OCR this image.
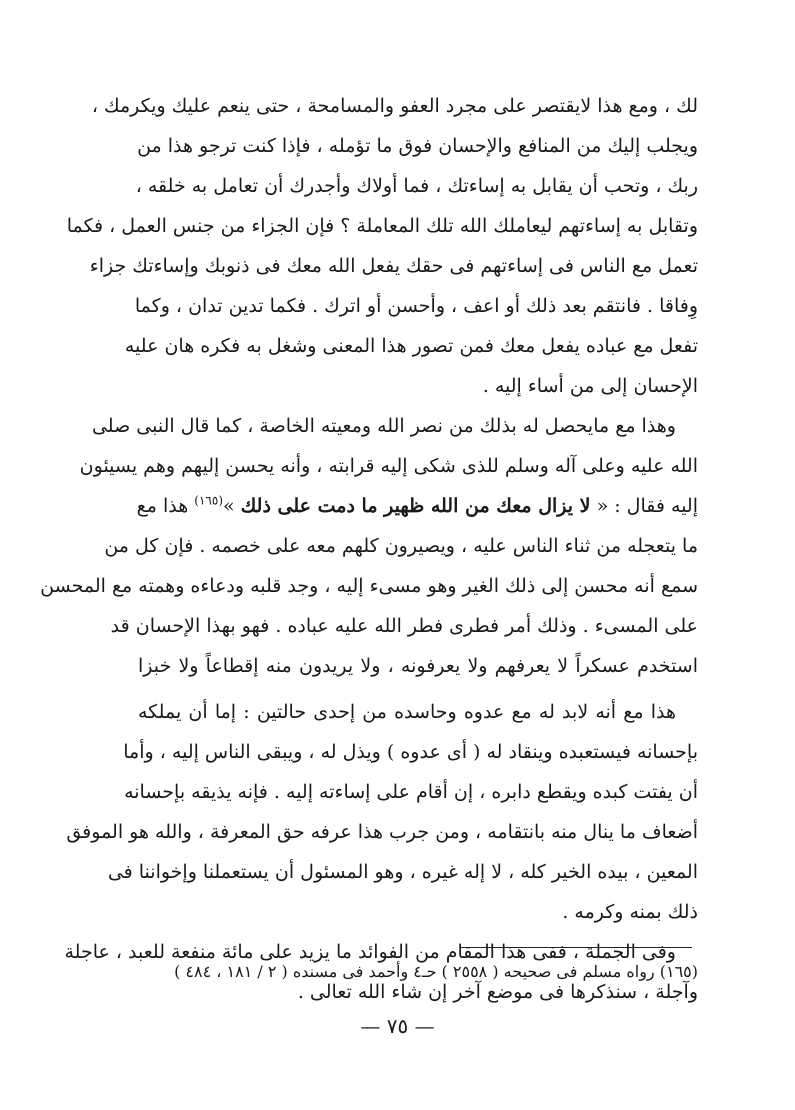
لك ، ومع هذا لايقتصر على مجرد العفو والمسامحة ، حتى ينعم عليك ويكرمك ،
ويجلب إليك من المنافع والإحسان فوق ما تؤمله ، فإذا كنت ترجو هذا من
ربك ، وتحب أن يقابل به إساءتك ، فما أولاك وأجدرك أن تعامل به خلقه ،
وتقابل به إساءتهم ليعاملك الله تلك المعاملة ؟ فإن الجزاء من جنس العمل ، فكما
تعمل مع الناس فى إساءتهم فى حقك يفعل الله معك فى ذنوبك وإساءتك جزاء
وِفاقا . فانتقم بعد ذلك أو اعف ، وأحسن أو اترك . فكما تدين تدان ، وكما
تفعل مع عباده يفعل معك فمن تصور هذا المعنى وشغل به فكره هان عليه
الإحسان إلى من أساء إليه .
وهذا مع مايحصل له بذلك من نصر الله ومعيته الخاصة ، كما قال النبى صلى
الله عليه وعلى آله وسلم للذى شكى إليه قرابته ، وأنه يحسن إليهم وهم يسيئون
إليه فقال : « لا يزال معك من الله ظهير ما دمت على ذلك »$^{(١٦٥)}$ هذا مع
ما يتعجله من ثناء الناس عليه ، ويصيرون كلهم معه على خصمه . فإن كل من
سمع أنه محسن إلى ذلك الغير وهو مسىء إليه ، وجد قلبه ودعاءه وهمته مع المحسن
على المسىء . وذلك أمر فطرى فطر الله عليه عباده . فهو بهذا الإحسان قد
استخدم عسكراً لا يعرفهم ولا يعرفونه ، ولا يريدون منه إقطاعاً ولا خبزا
هذا مع أنه لابد له مع عدوه وحاسده من إحدى حالتين : إما أن يملكه
بإحسانه فيستعبده وينقاد له ( أى عدوه ) ويذل له ، ويبقى الناس إليه ، وأما
أن يفتت كبده ويقطع دابره ، إن أقام على إساءته إليه . فإنه يذيقه بإحسانه
أضعاف ما ينال منه بانتقامه ، ومن جرب هذا عرفه حق المعرفة ، والله هو الموفق
المعين ، بيده الخير كله ، لا إله غيره ، وهو المسئول أن يستعملنا وإخواننا فى
ذلك بمنه وكرمه .
وفى الجملة ، ففى هذا المقام من الفوائد ما يزيد على مائة منفعة للعبد ، عاجلة
وآجلة ، سنذكرها فى موضع آخر إن شاء الله تعالى .
(١٦٥) رواه مسلم فى صحيحه ( ٢٥٥٨ ) حـ٤ وأحمد فى مسنده ( ٢ / ١٨١ ، ٤٨٤ )
— ٧٥ —
